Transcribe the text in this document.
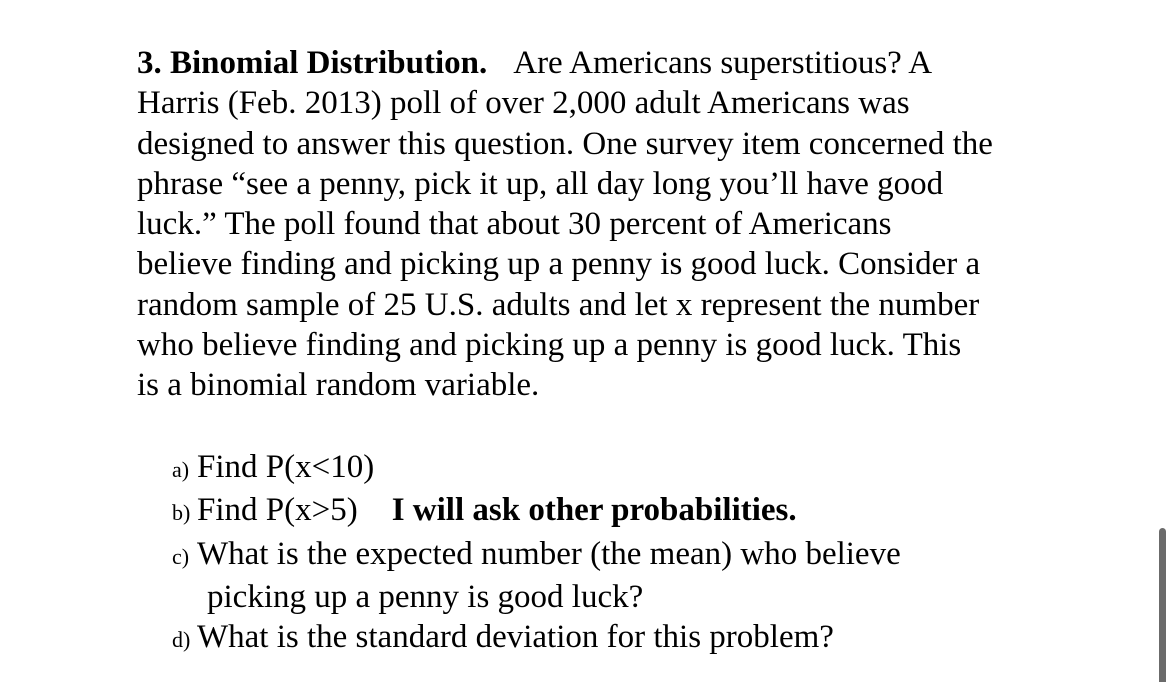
3. Binomial Distribution. Are Americans superstitious? A
Harris (Feb. 2013) poll of over 2,000 adult Americans was
designed to answer this question. One survey item concerned the
phrase “see a penny, pick it up, all day long you’ll have good
luck.” The poll found that about 30 percent of Americans
believe finding and picking up a penny is good luck. Consider a
random sample of 25 U.S. adults and let x represent the number
who believe finding and picking up a penny is good luck. This
is a binomial random variable.
a) Find P(x<10)
b) Find P(x>5) I will ask other probabilities.
c) What is the expected number (the mean) who believe
picking up a penny is good luck?
d) What is the standard deviation for this problem?
